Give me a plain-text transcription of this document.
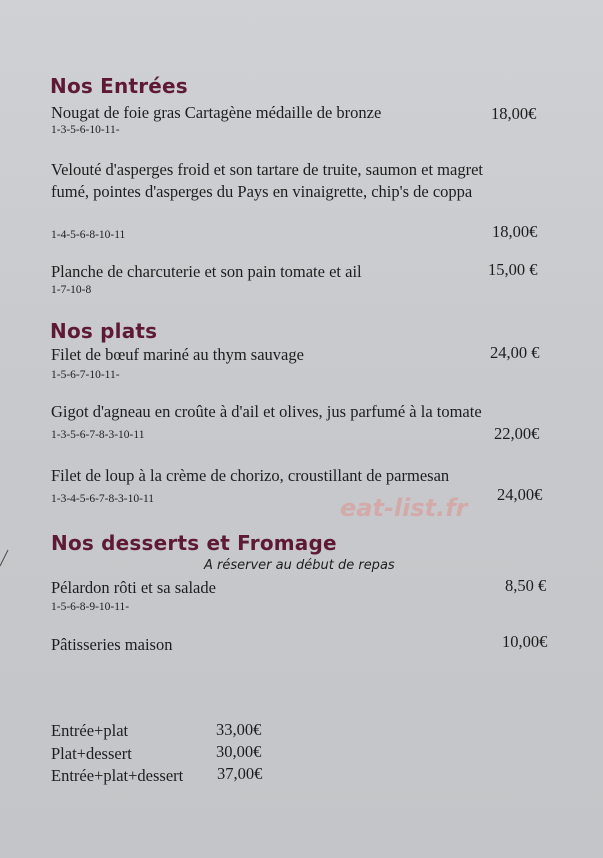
Nos Entrées
Nougat de foie gras Cartagène médaille de bronze	18,00€
1-3-5-6-10-11-
Velouté d'asperges froid et son tartare de truite, saumon et magret
fumé, pointes d'asperges du Pays en vinaigrette, chip's de coppa
1-4-5-6-8-10-11	18,00€
Planche de charcuterie et son pain tomate et ail	15,00 €
1-7-10-8
Nos plats
Filet de bœuf mariné au thym sauvage	24,00 €
1-5-6-7-10-11-
Gigot d'agneau en croûte à d'ail et olives, jus parfumé à la tomate
1-3-5-6-7-8-3-10-11	22,00€
Filet de loup à la crème de chorizo, croustillant de parmesan
1-3-4-5-6-7-8-3-10-11	24,00€
eat-list.fr
Nos desserts et Fromage
A réserver au début de repas
Pélardon rôti et sa salade	8,50 €
1-5-6-8-9-10-11-
Pâtisseries maison	10,00€
Entrée+plat	33,00€
Plat+dessert	30,00€
Entrée+plat+dessert 37,00€
